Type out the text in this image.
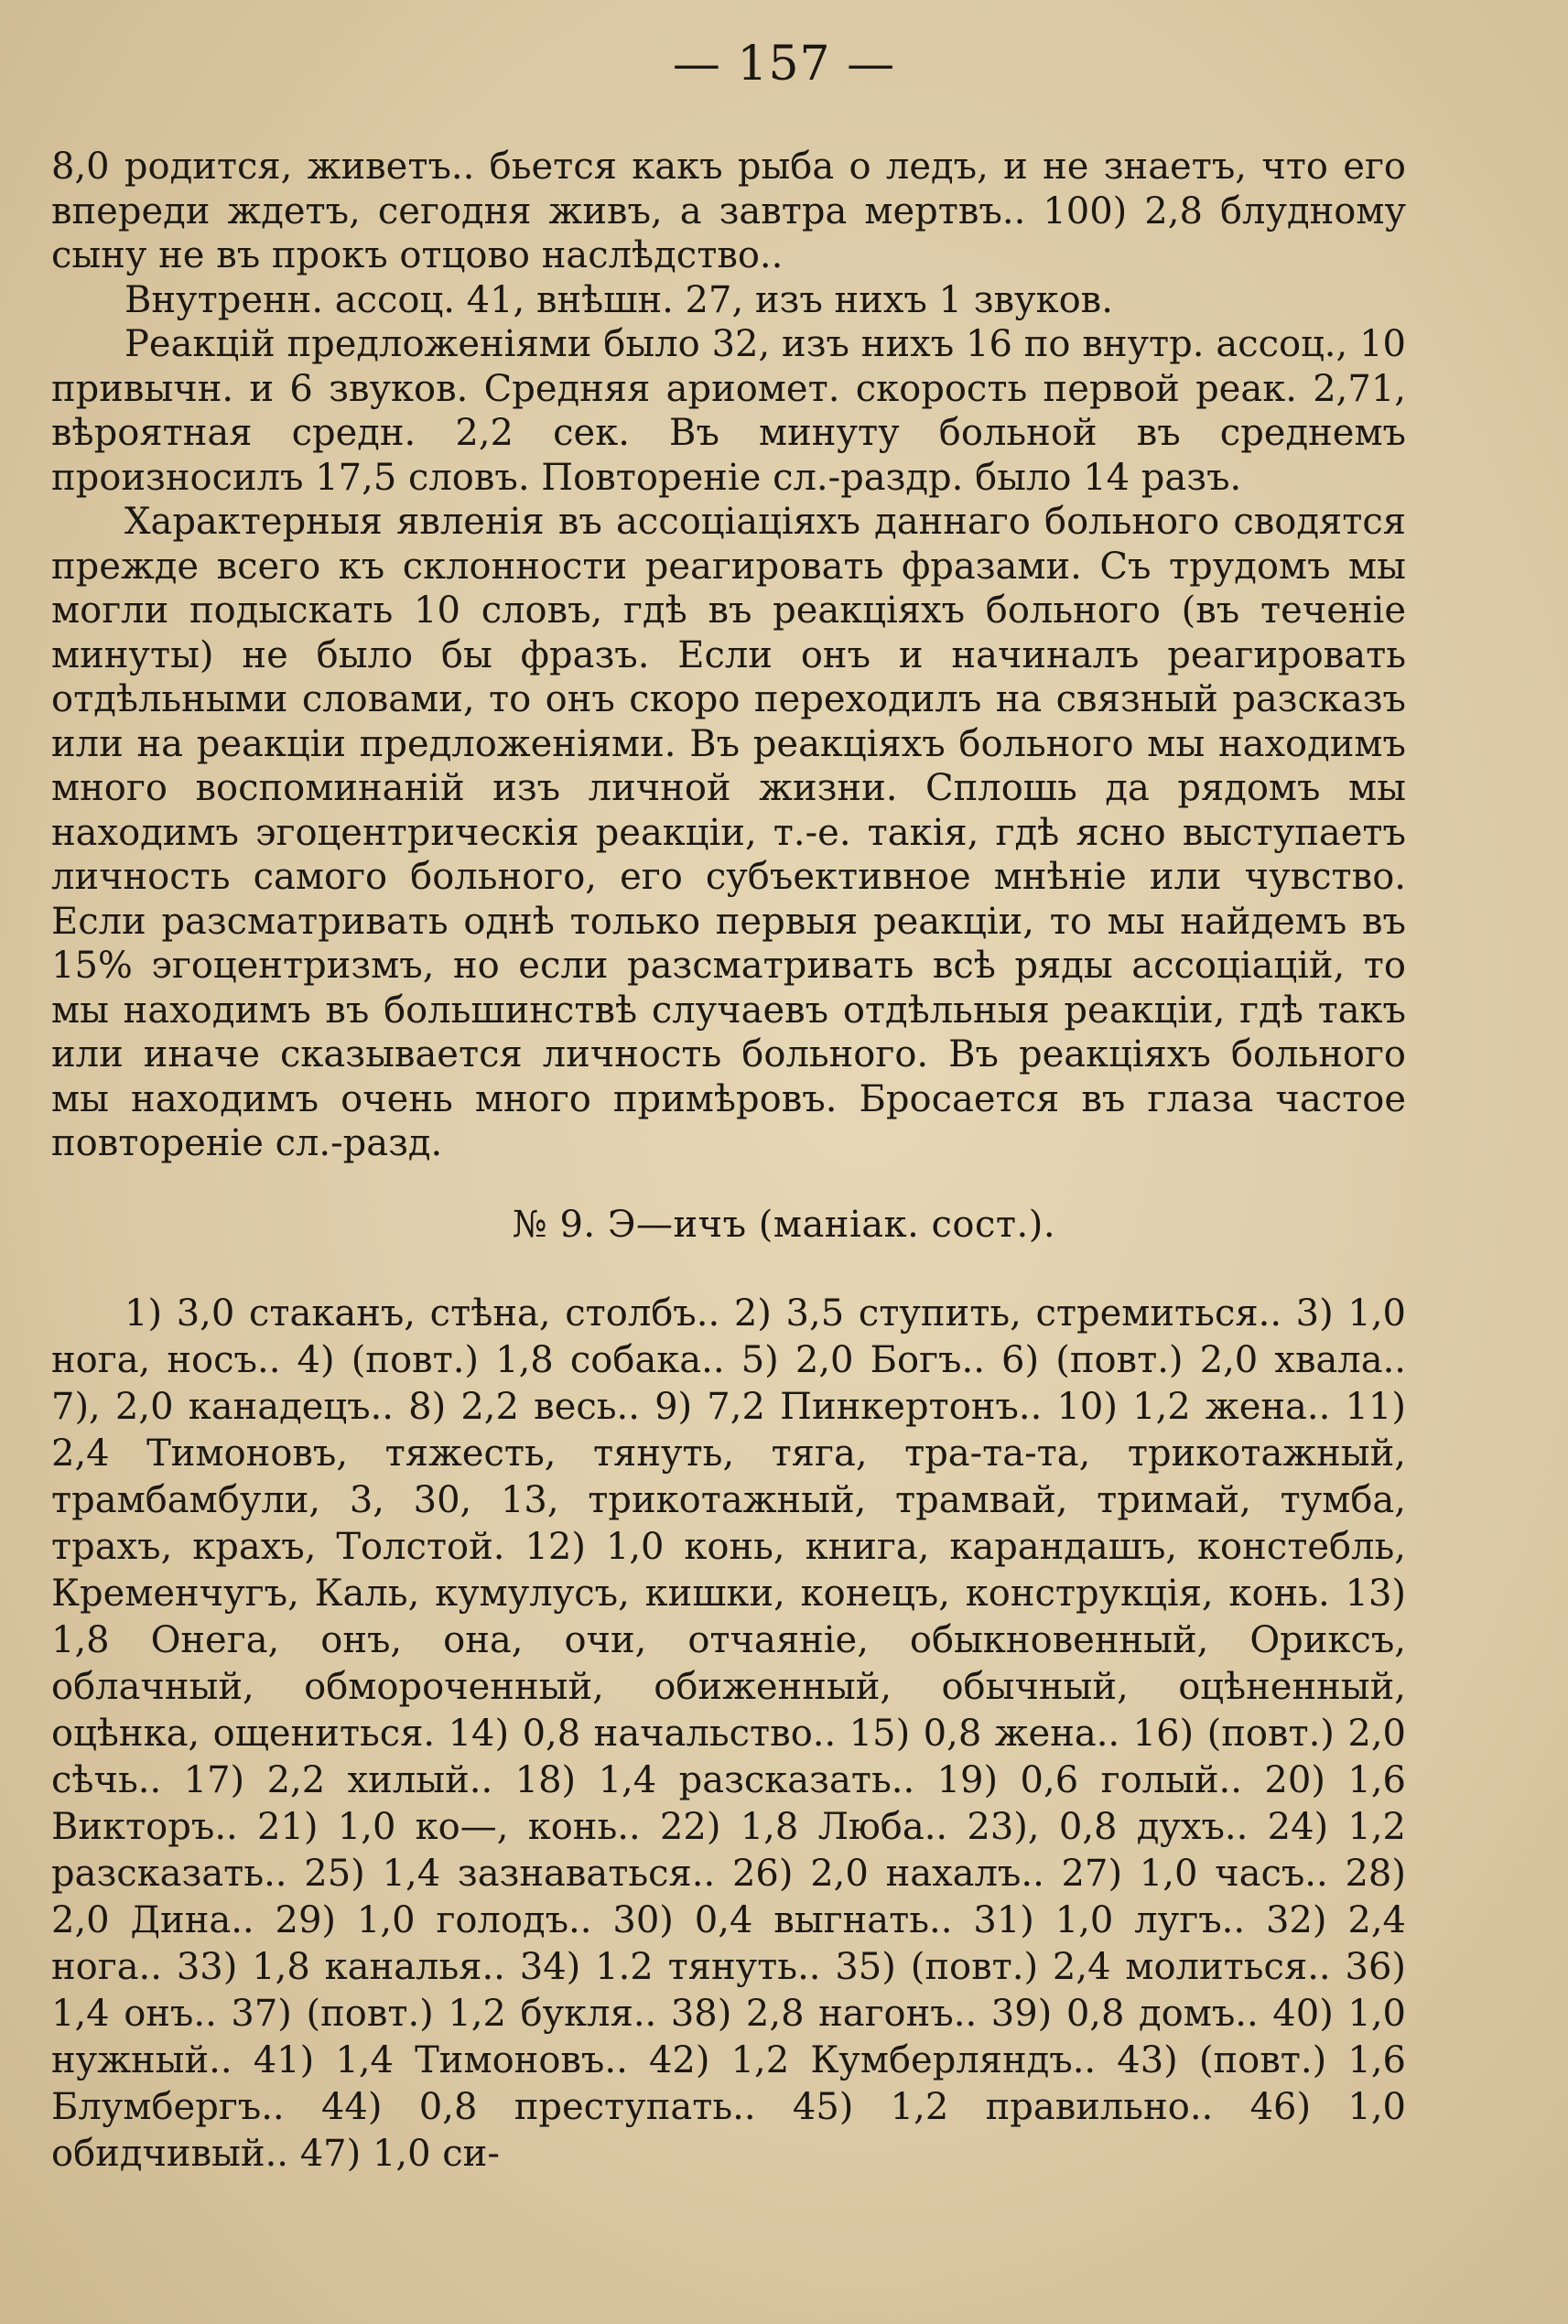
— 157 —

8,0 родится, живетъ.. бьется какъ рыба о ледъ, и не знаетъ, что его впереди ждетъ, сегодня живъ, а завтра мертвъ.. 100) 2,8 блудному сыну не въ прокъ отцово наслѣдство..

Внутренн. ассоц. 41, внѣшн. 27, изъ нихъ 1 звуков.

Реакцій предложеніями было 32, изъ нихъ 16 по внутр. ассоц., 10 привычн. и 6 звуков. Средняя ариомет. скорость первой реак. 2,71, вѣроятная средн. 2,2 сек. Въ минуту больной въ среднемъ произносилъ 17,5 словъ. Повтореніе сл.-раздр. было 14 разъ.

Характерныя явленія въ ассоціаціяхъ даннаго больного сводятся прежде всего къ склонности реагировать фразами. Съ трудомъ мы могли подыскать 10 словъ, гдѣ въ реакціяхъ больного (въ теченіе минуты) не было бы фразъ. Если онъ и начиналъ реагировать отдѣльными словами, то онъ скоро переходилъ на связный разсказъ или на реакціи предложеніями. Въ реакціяхъ больного мы находимъ много воспоминаній изъ личной жизни. Сплошь да рядомъ мы находимъ эгоцентрическія реакціи, т.-е. такія, гдѣ ясно выступаетъ личность самого больного, его субъективное мнѣніе или чувство. Если разсматривать однѣ только первыя реакціи, то мы найдемъ въ 15% эгоцентризмъ, но если разсматривать всѣ ряды ассоціацій, то мы находимъ въ большинствѣ случаевъ отдѣльныя реакціи, гдѣ такъ или иначе сказывается личность больного. Въ реакціяхъ больного мы находимъ очень много примѣровъ. Бросается въ глаза частое повтореніе сл.-разд.

№ 9. Э—ичъ (маніак. сост.).

1) 3,0 стаканъ, стѣна, столбъ.. 2) 3,5 ступить, стремиться.. 3) 1,0 нога, носъ.. 4) (повт.) 1,8 собака.. 5) 2,0 Богъ.. 6) (повт.) 2,0 хвала.. 7), 2,0 канадецъ.. 8) 2,2 весь.. 9) 7,2 Пинкертонъ.. 10) 1,2 жена.. 11) 2,4 Тимоновъ, тяжесть, тянуть, тяга, тра-та-та, трикотажный, трамбамбули, 3, 30, 13, трикотажный, трамвай, тримай, тумба, трахъ, крахъ, Толстой. 12) 1,0 конь, книга, карандашъ, констебль, Кременчугъ, Каль, кумулусъ, кишки, конецъ, конструкція, конь. 13) 1,8 Онега, онъ, она, очи, отчаяніе, обыкновенный, Ориксъ, облачный, обмороченный, обиженный, обычный, оцѣненный, оцѣнка, ощениться. 14) 0,8 начальство.. 15) 0,8 жена.. 16) (повт.) 2,0 сѣчь.. 17) 2,2 хилый.. 18) 1,4 разсказать.. 19) 0,6 голый.. 20) 1,6 Викторъ.. 21) 1,0 ко—, конь.. 22) 1,8 Люба.. 23), 0,8 духъ.. 24) 1,2 разсказать.. 25) 1,4 зазнаваться.. 26) 2,0 нахалъ.. 27) 1,0 часъ.. 28) 2,0 Дина.. 29) 1,0 голодъ.. 30) 0,4 выгнать.. 31) 1,0 лугъ.. 32) 2,4 нога.. 33) 1,8 каналья.. 34) 1.2 тянуть.. 35) (повт.) 2,4 молиться.. 36) 1,4 онъ.. 37) (повт.) 1,2 букля.. 38) 2,8 нагонъ.. 39) 0,8 домъ.. 40) 1,0 нужный.. 41) 1,4 Тимоновъ.. 42) 1,2 Кумберляндъ.. 43) (повт.) 1,6 Блумбергъ.. 44) 0,8 преступать.. 45) 1,2 правильно.. 46) 1,0 обидчивый.. 47) 1,0 си-
